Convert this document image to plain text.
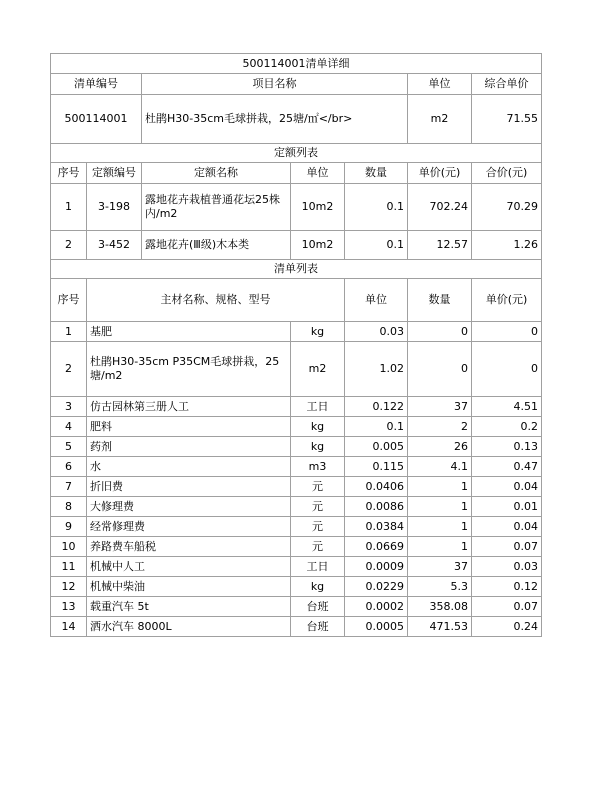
500114001清单详细							
清单编号		项目名称			单位	综合单价	
500114001		杜鹃H30-35cm毛球拼栽，25塘/㎡</br>			m2	71.55	
定额列表							
序号	定额编号	定额名称	单位	数量	单价(元)	合价(元)	
1	3-198	露地花卉栽植普通花坛25株内/m2	10m2	0.1	702.24	70.29	
2	3-452	露地花卉(Ⅲ级)木本类	10m2	0.1	12.57	1.26	
清单列表							
序号	主材名称、规格、型号			单位	数量	单价(元)	
1	基肥		kg	0.03	0	0	
2	杜鹃H30-35cm P35CM毛球拼栽，25塘/m2		m2	1.02	0	0	
3	仿古园林第三册人工		工日	0.122	37	4.51	
4	肥料		kg	0.1	2	0.2	
5	药剂		kg	0.005	26	0.13	
6	水		m3	0.115	4.1	0.47	
7	折旧费		元	0.0406	1	0.04	
8	大修理费		元	0.0086	1	0.01	
9	经常修理费		元	0.0384	1	0.04	
10	养路费车船税		元	0.0669	1	0.07	
11	机械中人工		工日	0.0009	37	0.03	
12	机械中柴油		kg	0.0229	5.3	0.12	
13	载重汽车 5t		台班	0.0002	358.08	0.07	
14	洒水汽车 8000L		台班	0.0005	471.53	0.24	
